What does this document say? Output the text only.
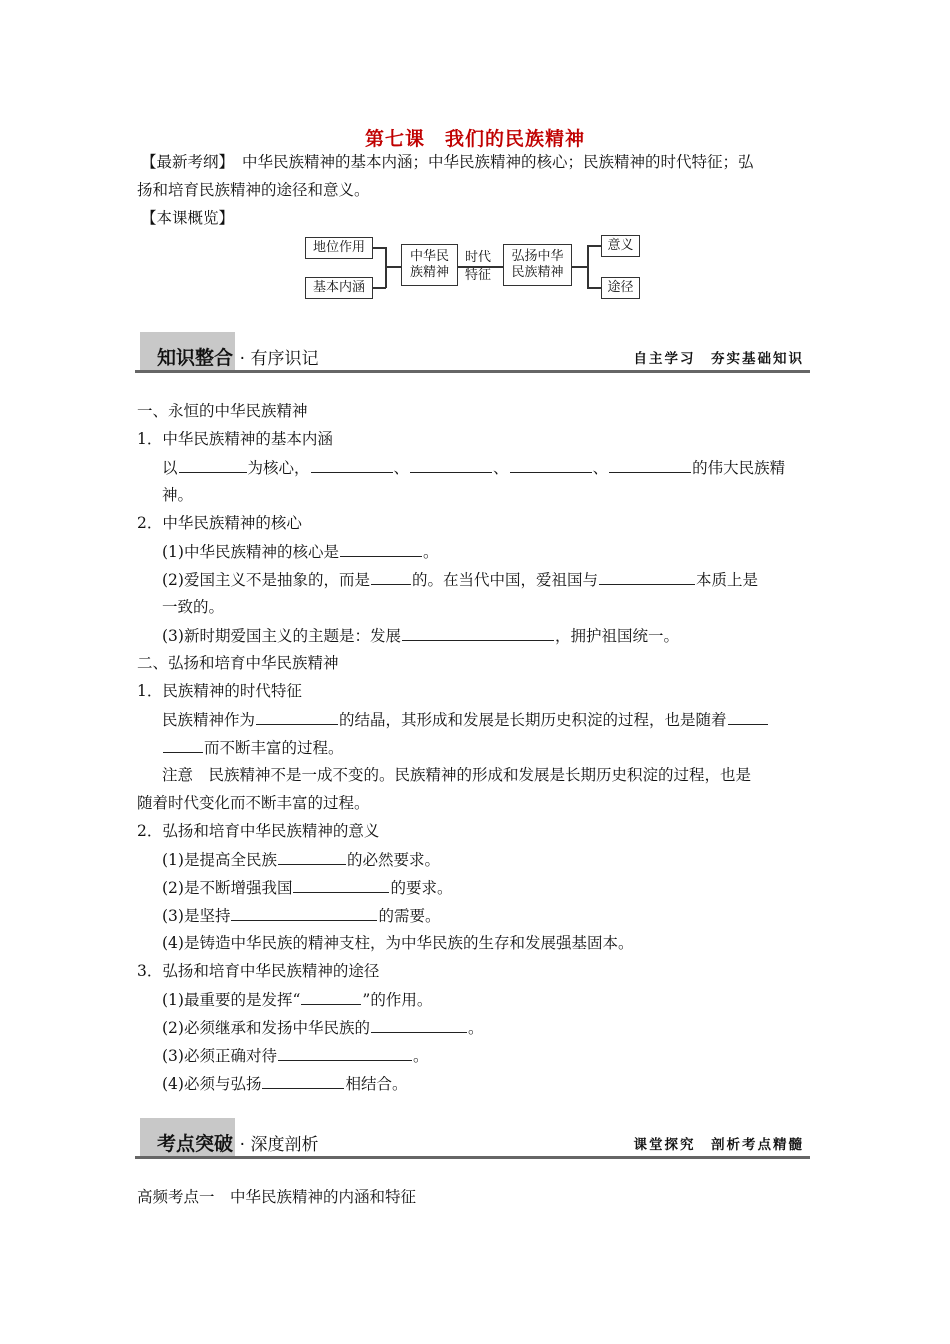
第七课　我们的民族精神
【最新考纲】 中华民族精神的基本内涵；中华民族精神的核心；民族精神的时代特征；弘
扬和培育民族精神的途径和意义。
【本课概览】
地位作用
基本内涵
中华民
族精神
时代
特征
弘扬中华
民族精神
意义
途径
知识整合 · 有序识记	自主学习　夯实基础知识
一、永恒的中华民族精神
1．中华民族精神的基本内涵
以	为核心，	、	、	、	的伟大民族精
神。
2．中华民族精神的核心
(1)中华民族精神的核心是	。
(2)爱国主义不是抽象的，而是	的。在当代中国，爱祖国与	本质上是
一致的。
(3)新时期爱国主义的主题是：发展	，拥护祖国统一。
二、弘扬和培育中华民族精神
1．民族精神的时代特征
民族精神作为	的结晶，其形成和发展是长期历史积淀的过程，也是随着
而不断丰富的过程。
注意　民族精神不是一成不变的。民族精神的形成和发展是长期历史积淀的过程，也是
随着时代变化而不断丰富的过程。
2．弘扬和培育中华民族精神的意义
(1)是提高全民族	的必然要求。
(2)是不断增强我国	的要求。
(3)是坚持	的需要。
(4)是铸造中华民族的精神支柱，为中华民族的生存和发展强基固本。
3．弘扬和培育中华民族精神的途径
(1)最重要的是发挥“	”的作用。
(2)必须继承和发扬中华民族的	。
(3)必须正确对待	。
(4)必须与弘扬	相结合。
考点突破 · 深度剖析	课堂探究　剖析考点精髓
高频考点一　中华民族精神的内涵和特征
